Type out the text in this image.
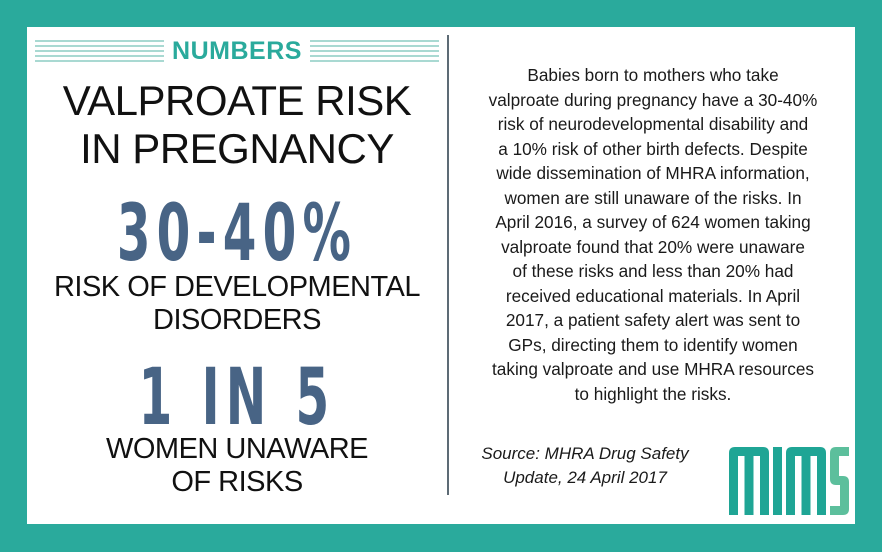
NUMBERS
VALPROATE RISK
IN PREGNANCY
30-40%
RISK OF DEVELOPMENTAL
DISORDERS
1 IN 5
WOMEN UNAWARE
OF RISKS
Babies born to mothers who take
valproate during pregnancy have a 30-40%
risk of neurodevelopmental disability and
a 10% risk of other birth defects. Despite
wide dissemination of MHRA information,
women are still unaware of the risks. In
April 2016, a survey of 624 women taking
valproate found that 20% were unaware
of these risks and less than 20% had
received educational materials. In April
2017, a patient safety alert was sent to
GPs, directing them to identify women
taking valproate and use MHRA resources
to highlight the risks.
Source: MHRA Drug Safety
Update, 24 April 2017
